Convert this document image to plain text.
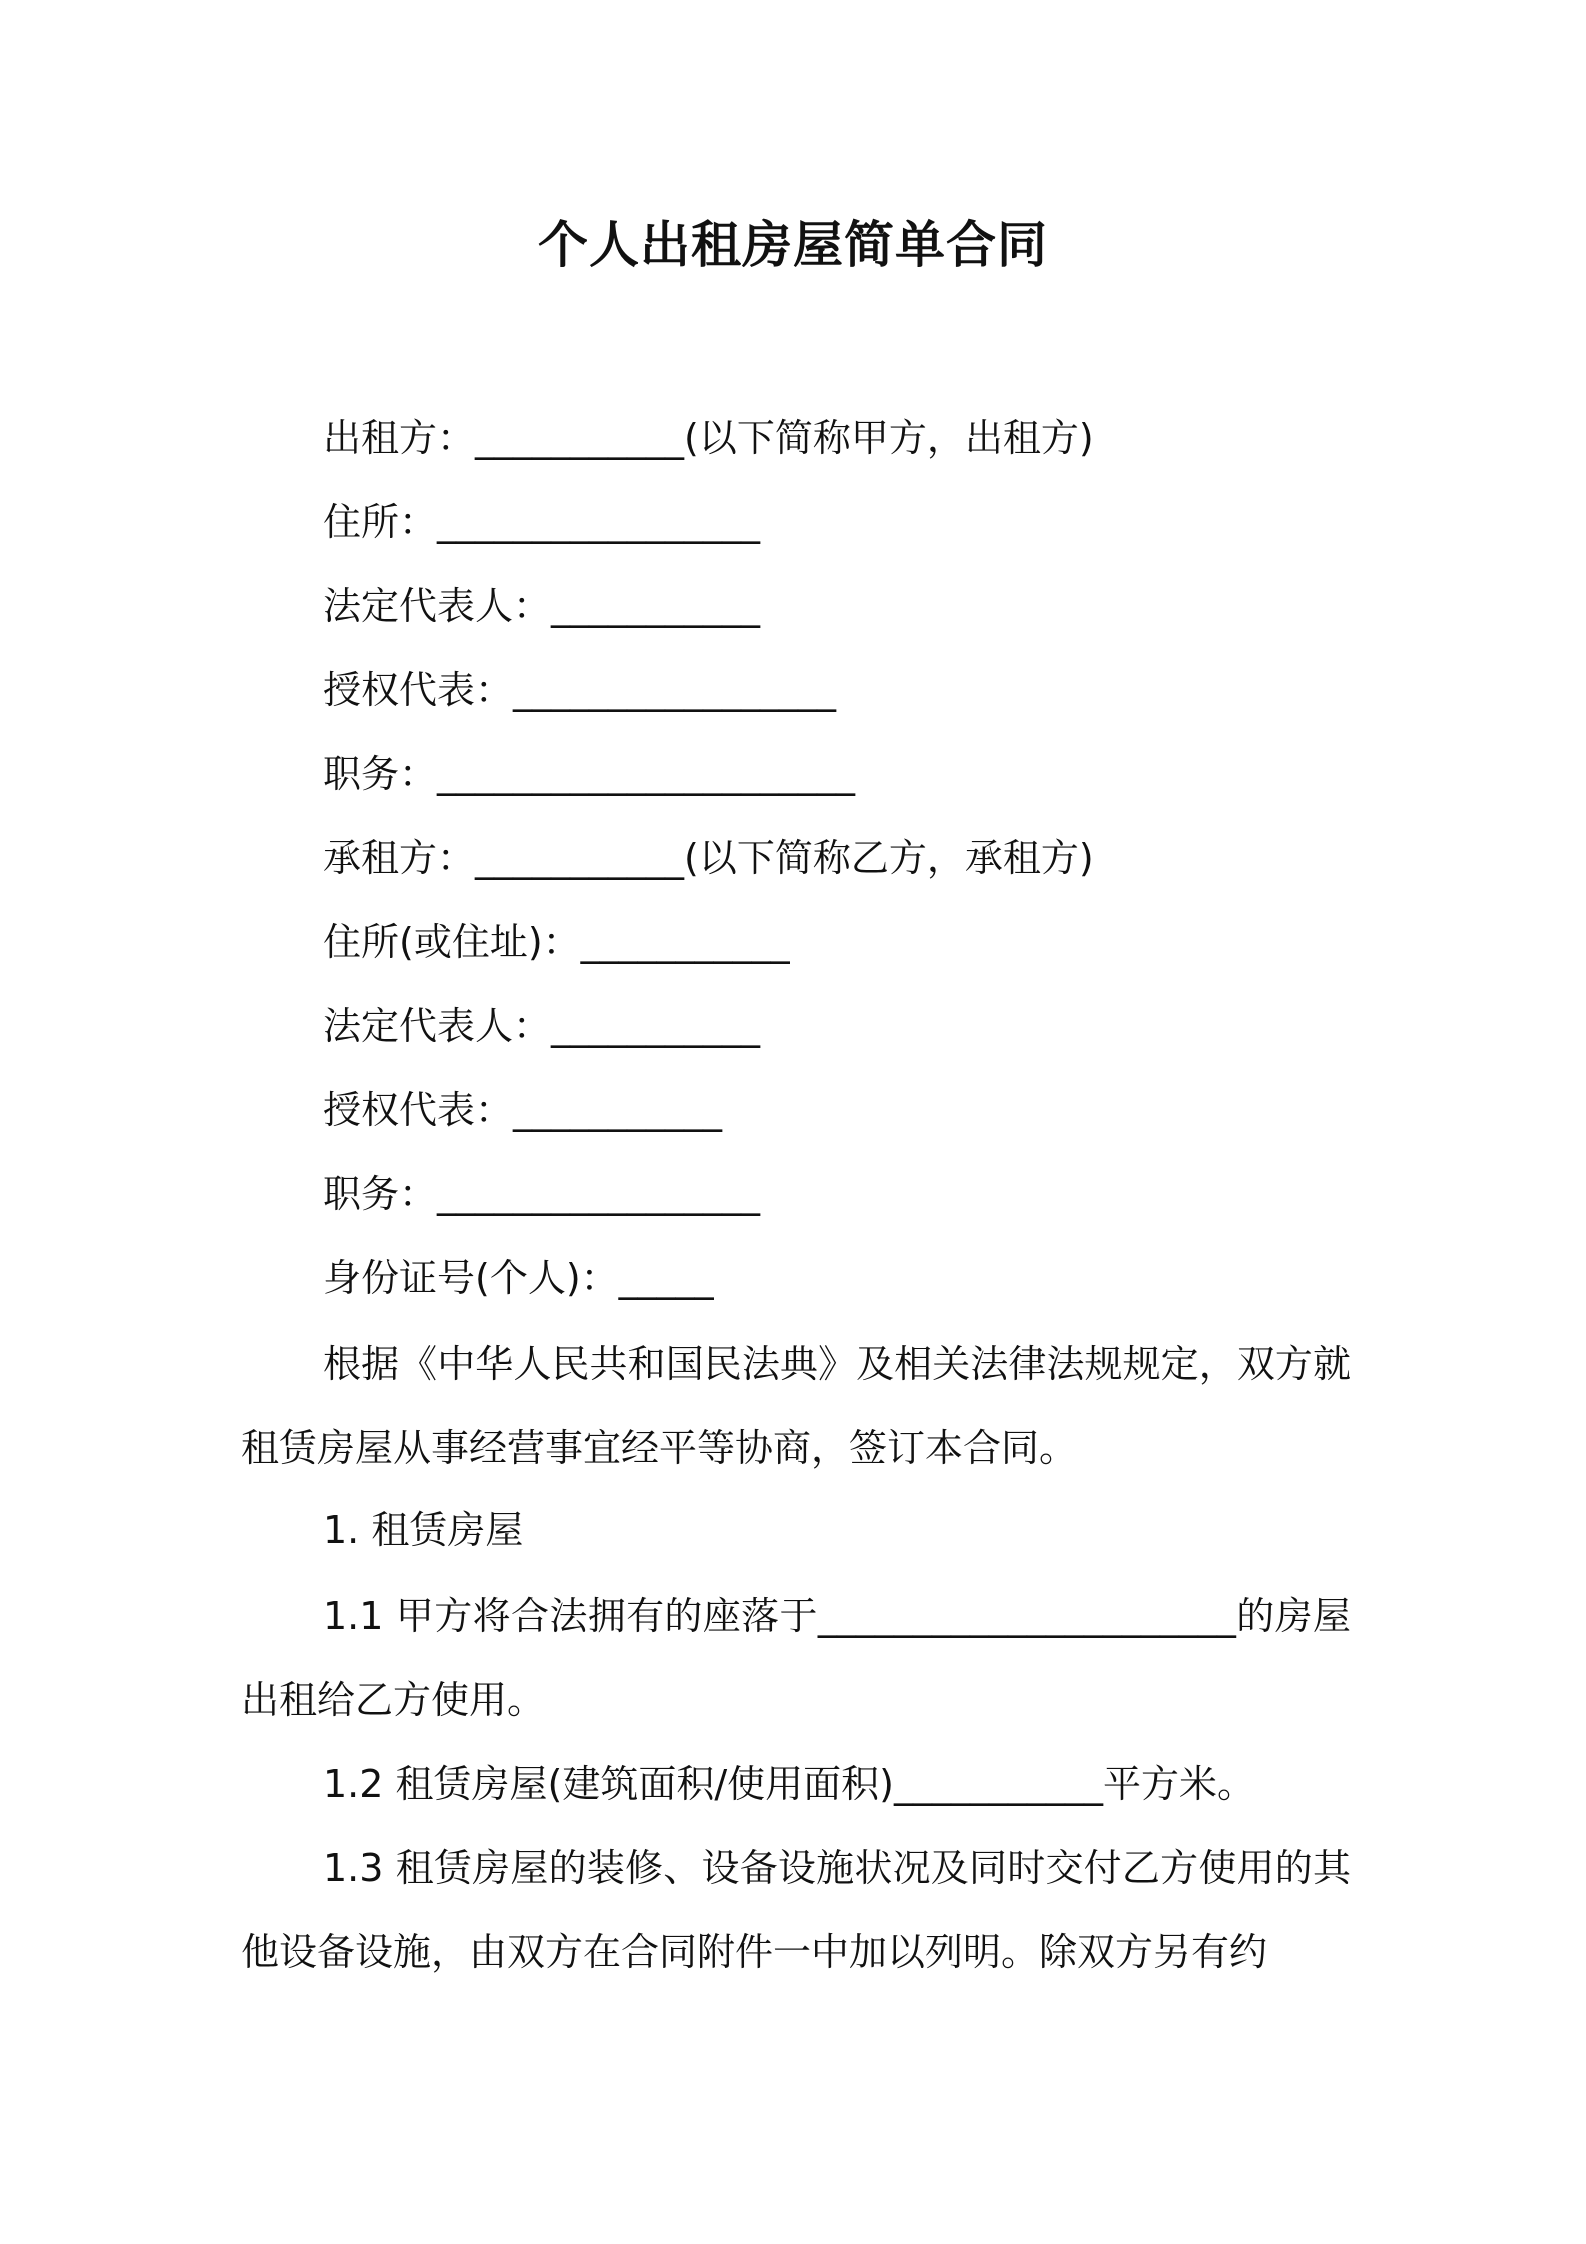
个人出租房屋简单合同
出租方：___________(以下简称甲方，出租方)
住所：_________________
法定代表人：___________
授权代表：_________________
职务：______________________
承租方：___________(以下简称乙方，承租方)
住所(或住址)：___________
法定代表人：___________
授权代表：___________
职务：_________________
身份证号(个人)：_____
根据《中华人民共和国民法典》及相关法律法规规定，双方就租赁房屋从事经营事宜经平等协商，签订本合同。
1. 租赁房屋
1.1 甲方将合法拥有的座落于______________________的房屋出租给乙方使用。
1.2 租赁房屋(建筑面积/使用面积)___________平方米。
1.3 租赁房屋的装修、设备设施状况及同时交付乙方使用的其他设备设施，由双方在合同附件一中加以列明。除双方另有约
